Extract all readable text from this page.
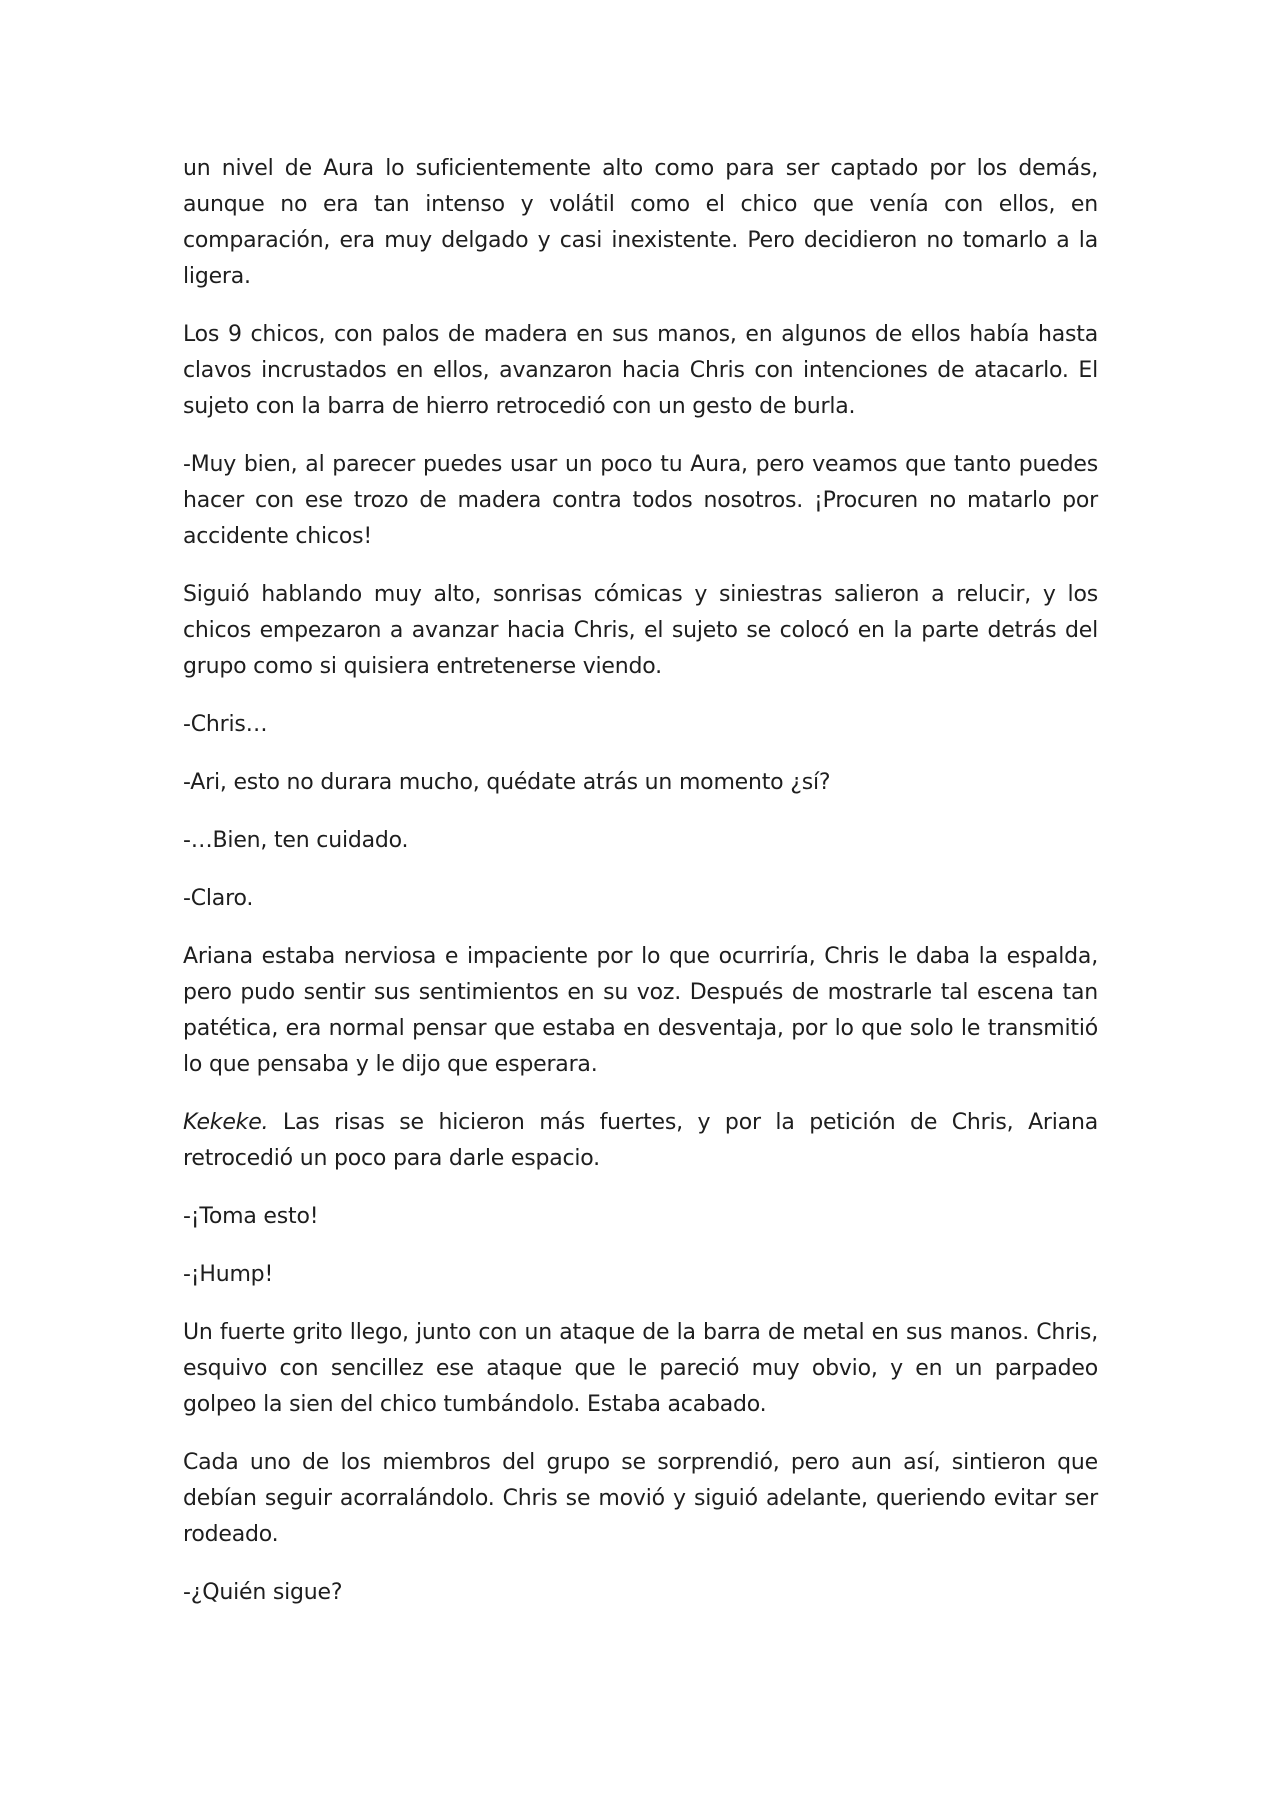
un nivel de Aura lo suficientemente alto como para ser captado por los demás, aunque no era tan intenso y volátil como el chico que venía con ellos, en comparación, era muy delgado y casi inexistente. Pero decidieron no tomarlo a la ligera.

Los 9 chicos, con palos de madera en sus manos, en algunos de ellos había hasta clavos incrustados en ellos, avanzaron hacia Chris con intenciones de atacarlo. El sujeto con la barra de hierro retrocedió con un gesto de burla.

-Muy bien, al parecer puedes usar un poco tu Aura, pero veamos que tanto puedes hacer con ese trozo de madera contra todos nosotros. ¡Procuren no matarlo por accidente chicos!

Siguió hablando muy alto, sonrisas cómicas y siniestras salieron a relucir, y los chicos empezaron a avanzar hacia Chris, el sujeto se colocó en la parte detrás del grupo como si quisiera entretenerse viendo.

-Chris…

-Ari, esto no durara mucho, quédate atrás un momento ¿sí?

-…Bien, ten cuidado.

-Claro.

Ariana estaba nerviosa e impaciente por lo que ocurriría, Chris le daba la espalda, pero pudo sentir sus sentimientos en su voz. Después de mostrarle tal escena tan patética, era normal pensar que estaba en desventaja, por lo que solo le transmitió lo que pensaba y le dijo que esperara.

Kekeke. Las risas se hicieron más fuertes, y por la petición de Chris, Ariana retrocedió un poco para darle espacio.

-¡Toma esto!

-¡Hump!

Un fuerte grito llego, junto con un ataque de la barra de metal en sus manos. Chris, esquivo con sencillez ese ataque que le pareció muy obvio, y en un parpadeo golpeo la sien del chico tumbándolo. Estaba acabado.

Cada uno de los miembros del grupo se sorprendió, pero aun así, sintieron que debían seguir acorralándolo. Chris se movió y siguió adelante, queriendo evitar ser rodeado.

-¿Quién sigue?
